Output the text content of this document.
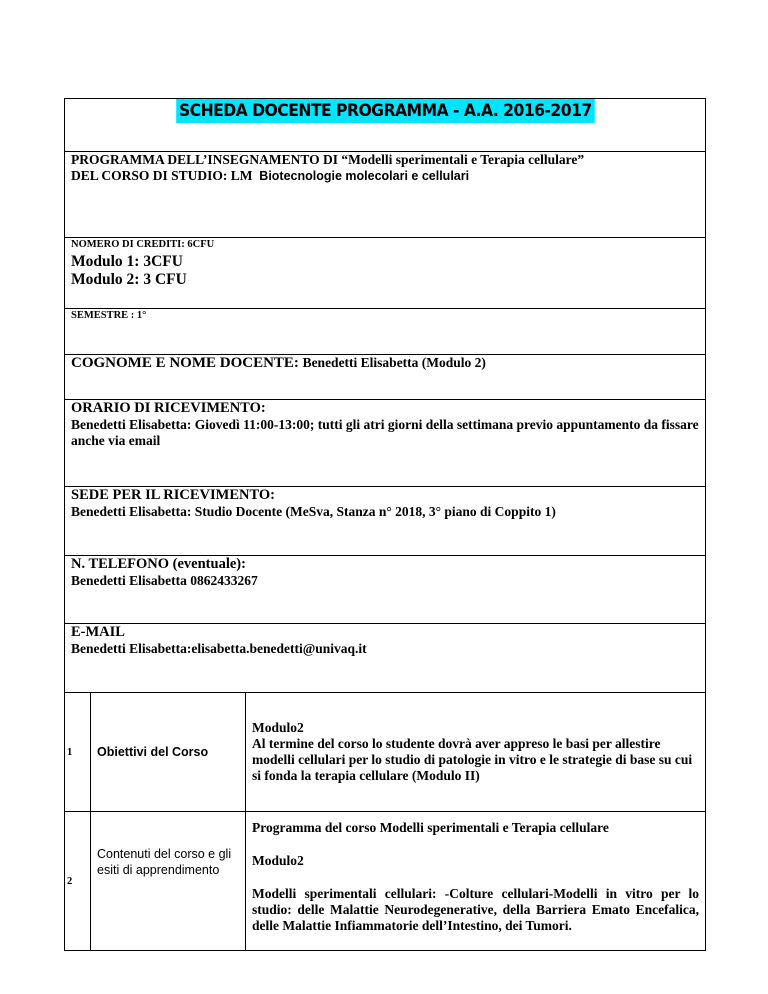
SCHEDA DOCENTE PROGRAMMA - A.A. 2016-2017		

PROGRAMMA DELL’INSEGNAMENTO DI “Modelli sperimentali e Terapia cellulare”

DEL CORSO DI STUDIO: LM Biotecnologie molecolari e cellulari		

NOMERO DI CREDITI: 6CFU

Modulo 1: 3CFU

Modulo 2: 3 CFU		

SEMESTRE : 1°		

COGNOME E NOME DOCENTE: Benedetti Elisabetta (Modulo 2)		

ORARIO DI RICEVIMENTO:

Benedetti Elisabetta: Giovedì 11:00-13:00; tutti gli atri giorni della settimana previo appuntamento da fissare anche via email		

SEDE PER IL RICEVIMENTO:

Benedetti Elisabetta: Studio Docente (MeSva, Stanza n° 2018, 3° piano di Coppito 1)		

N. TELEFONO (eventuale):

Benedetti Elisabetta 0862433267		

E-MAIL

Benedetti Elisabetta:elisabetta.benedetti@univaq.it		

1	Obiettivi del Corso	Modulo2

Al termine del corso lo studente dovrà aver appreso le basi per allestire modelli cellulari per lo studio di patologie in vitro e le strategie di base su cui si fonda la terapia cellulare (Modulo II)

2	Contenuti del corso e gli esiti di apprendimento	Programma del corso Modelli sperimentali e Terapia cellulare

Modulo2

Modelli sperimentali cellulari: -Colture cellulari-Modelli in vitro per lo studio: delle Malattie Neurodegenerative, della Barriera Emato Encefalica, delle Malattie Infiammatorie dell’Intestino, dei Tumori.
